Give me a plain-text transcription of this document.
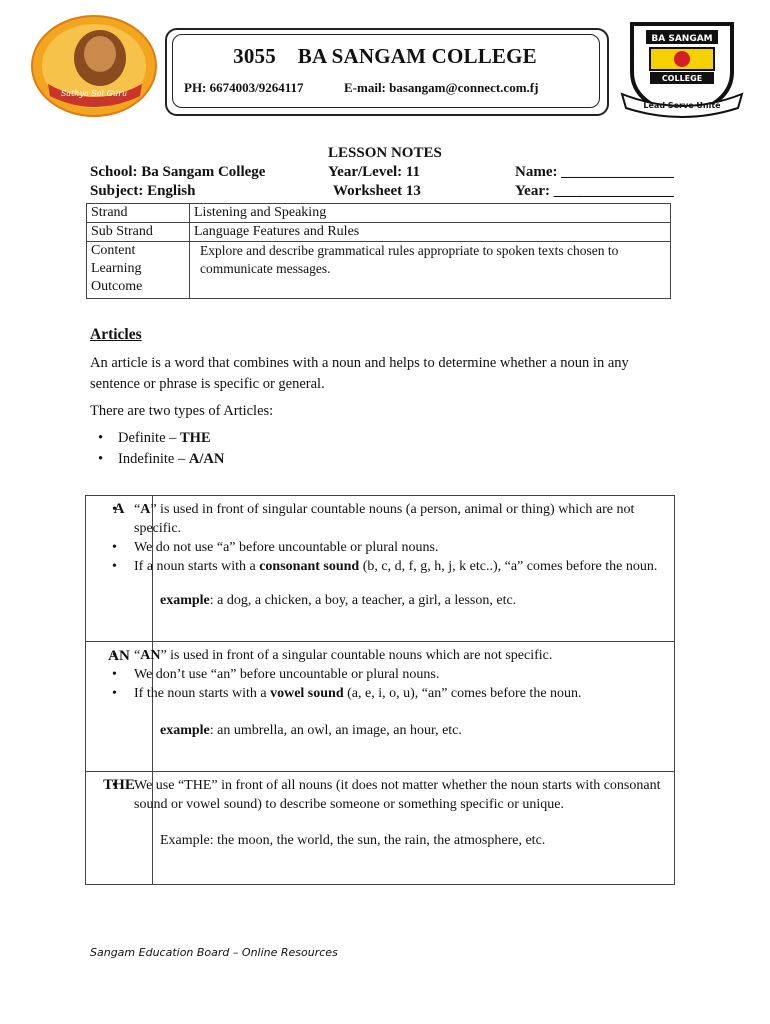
Sathya Sai Guru
3055    BA SANGAM COLLEGE
PH: 6674003/9264117	E-mail: basangam@connect.com.fj
BA SANGAM
COLLEGE
Lead Serve Unite
LESSON NOTES
School: Ba Sangam College	Year/Level: 11	Name: _______________
Subject: English	Worksheet 13	Year: ________________
Strand	Listening and Speaking
Sub Strand	Language Features and Rules
Content
Learning
Outcome	Explore and describe grammatical rules appropriate to spoken texts chosen to
communicate messages.
Articles
An article is a word that combines with a noun and helps to determine whether a noun in any sentence or phrase is specific or general.
There are two types of Articles:
• Definite – THE
• Indefinite – A/AN
A • “A” is used in front of singular countable nouns (a person, animal or thing) which are not specific.
• We do not use “a” before uncountable or plural nouns.
• If a noun starts with a consonant sound (b, c, d, f, g, h, j, k etc..), “a” comes before the noun.
example: a dog, a chicken, a boy, a teacher, a girl, a lesson, etc.
AN • “AN” is used in front of a singular countable nouns which are not specific.
• We don’t use “an” before uncountable or plural nouns.
• If the noun starts with a vowel sound (a, e, i, o, u), “an” comes before the noun.
example: an umbrella, an owl, an image, an hour, etc.
THE • We use “THE” in front of all nouns (it does not matter whether the noun starts with consonant sound or vowel sound) to describe someone or something specific or unique.
Example: the moon, the world, the sun, the rain, the atmosphere, etc.
Sangam Education Board – Online Resources
